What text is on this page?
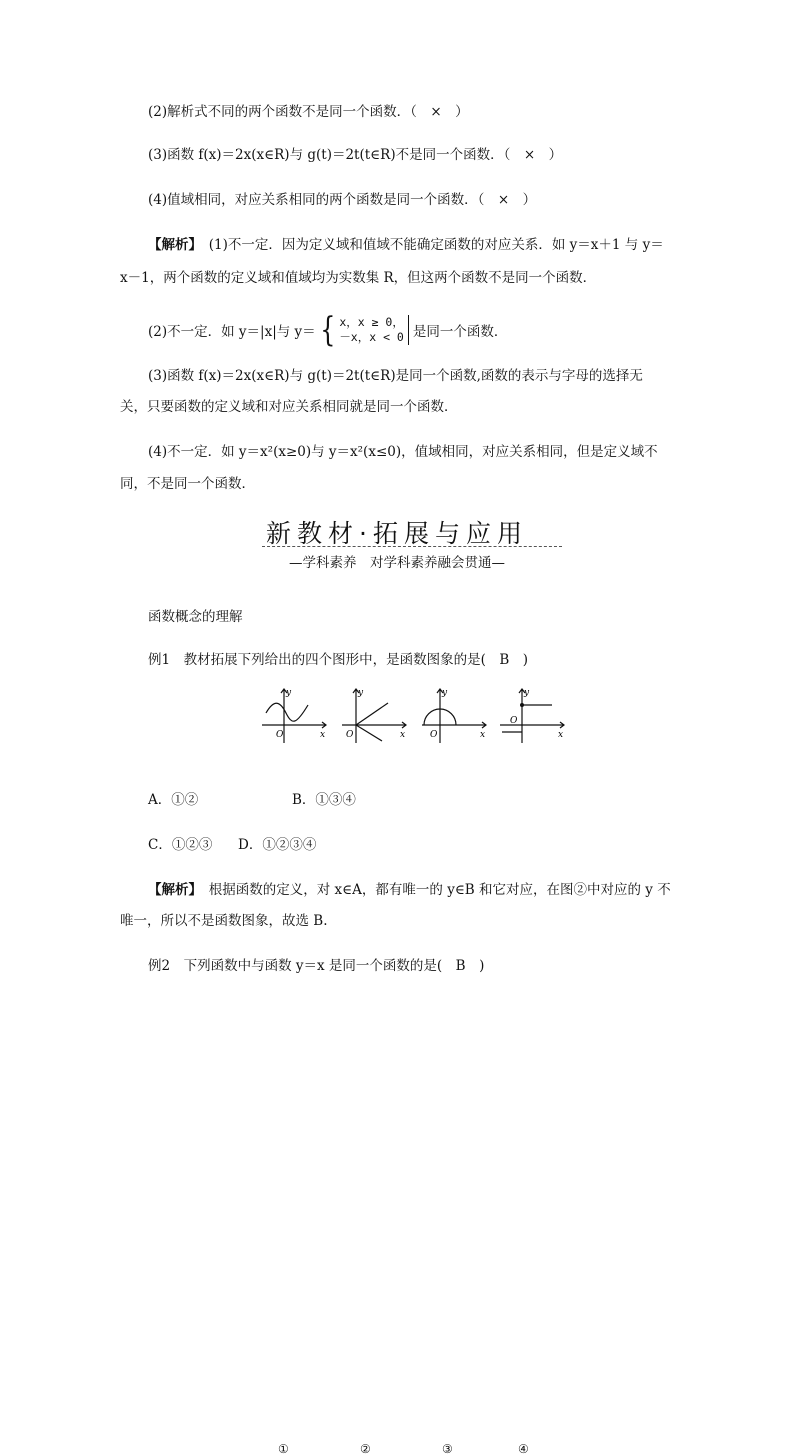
(2)解析式不同的两个函数不是同一个函数．（　×　）
(3)函数 f(x)＝2x(x∈R)与 g(t)＝2t(t∈R)不是同一个函数．（　×　）
(4)值域相同，对应关系相同的两个函数是同一个函数．（　×　）
【解析】　(1)不一定．因为定义域和值域不能确定函数的对应关系．如 y＝x＋1 与 y＝
x－1，两个函数的定义域和值域均为实数集 R，但这两个函数不是同一个函数．
(2)不一定．如 y＝|x|与 y＝ { x，x ≥ 0，
－x，x < 0 是同一个函数．
(3)函数 f(x)＝2x(x∈R)与 g(t)＝2t(t∈R)是同一个函数,函数的表示与字母的选择无
关，只要函数的定义域和对应关系相同就是同一个函数．
(4)不一定．如 y＝x²(x≥0)与 y＝x²(x≤0)，值域相同，对应关系相同，但是定义域不
同，不是同一个函数．
新教材·拓展与应用
—学科素养　对学科素养融会贯通—
函数概念的理解
例1　教材拓展下列给出的四个图形中，是函数图象的是(　B　)
y
x
O
y
x
O
y
x
O
y
x
O
①	②	③	④
A．①②	B．①③④
C．①②③	D．①②③④
【解析】　根据函数的定义，对 x∈A，都有唯一的 y∈B 和它对应，在图②中对应的 y 不
唯一，所以不是函数图象，故选 B.
例2　下列函数中与函数 y＝x 是同一个函数的是(　B　)
